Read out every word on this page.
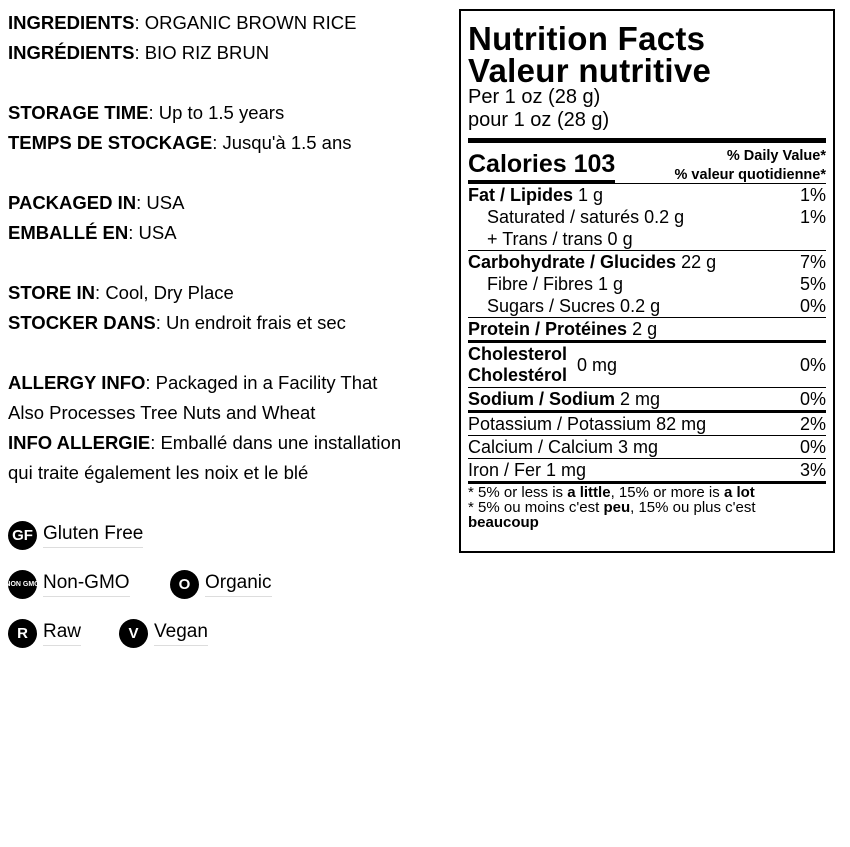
INGREDIENTS: ORGANIC BROWN RICE

INGRÉDIENTS: BIO RIZ BRUN

STORAGE TIME: Up to 1.5 years

TEMPS DE STOCKAGE: Jusqu'à 1.5 ans

PACKAGED IN: USA

EMBALLÉ EN: USA

STORE IN: Cool, Dry Place

STOCKER DANS: Un endroit frais et sec

ALLERGY INFO: Packaged in a Facility That

Also Processes Tree Nuts and Wheat

INFO ALLERGIE: Emballé dans une installation

qui traite également les noix et le blé

GF Gluten Free
NON GMO Non-GMO	O Organic
R Raw	V Vegan
Nutrition Facts
Valeur nutritive
Per 1 oz (28 g)
pour 1 oz (28 g)
Calories 103	% Daily Value*
% valeur quotidienne*
Fat / Lipides 1 g	1%
Saturated / saturés 0.2 g	1%
+ Trans / trans 0 g
Carbohydrate / Glucides 22 g	7%
Fibre / Fibres 1 g	5%
Sugars / Sucres 0.2 g	0%
Protein / Protéines 2 g
Cholesterol
Cholestérol
0 mg	0%
Sodium / Sodium 2 mg	0%
Potassium / Potassium 82 mg	2%
Calcium / Calcium 3 mg	0%
Iron / Fer 1 mg	3%

* 5% or less is a little, 15% or more is a lot

* 5% ou moins c'est peu, 15% ou plus c'est beaucoup
